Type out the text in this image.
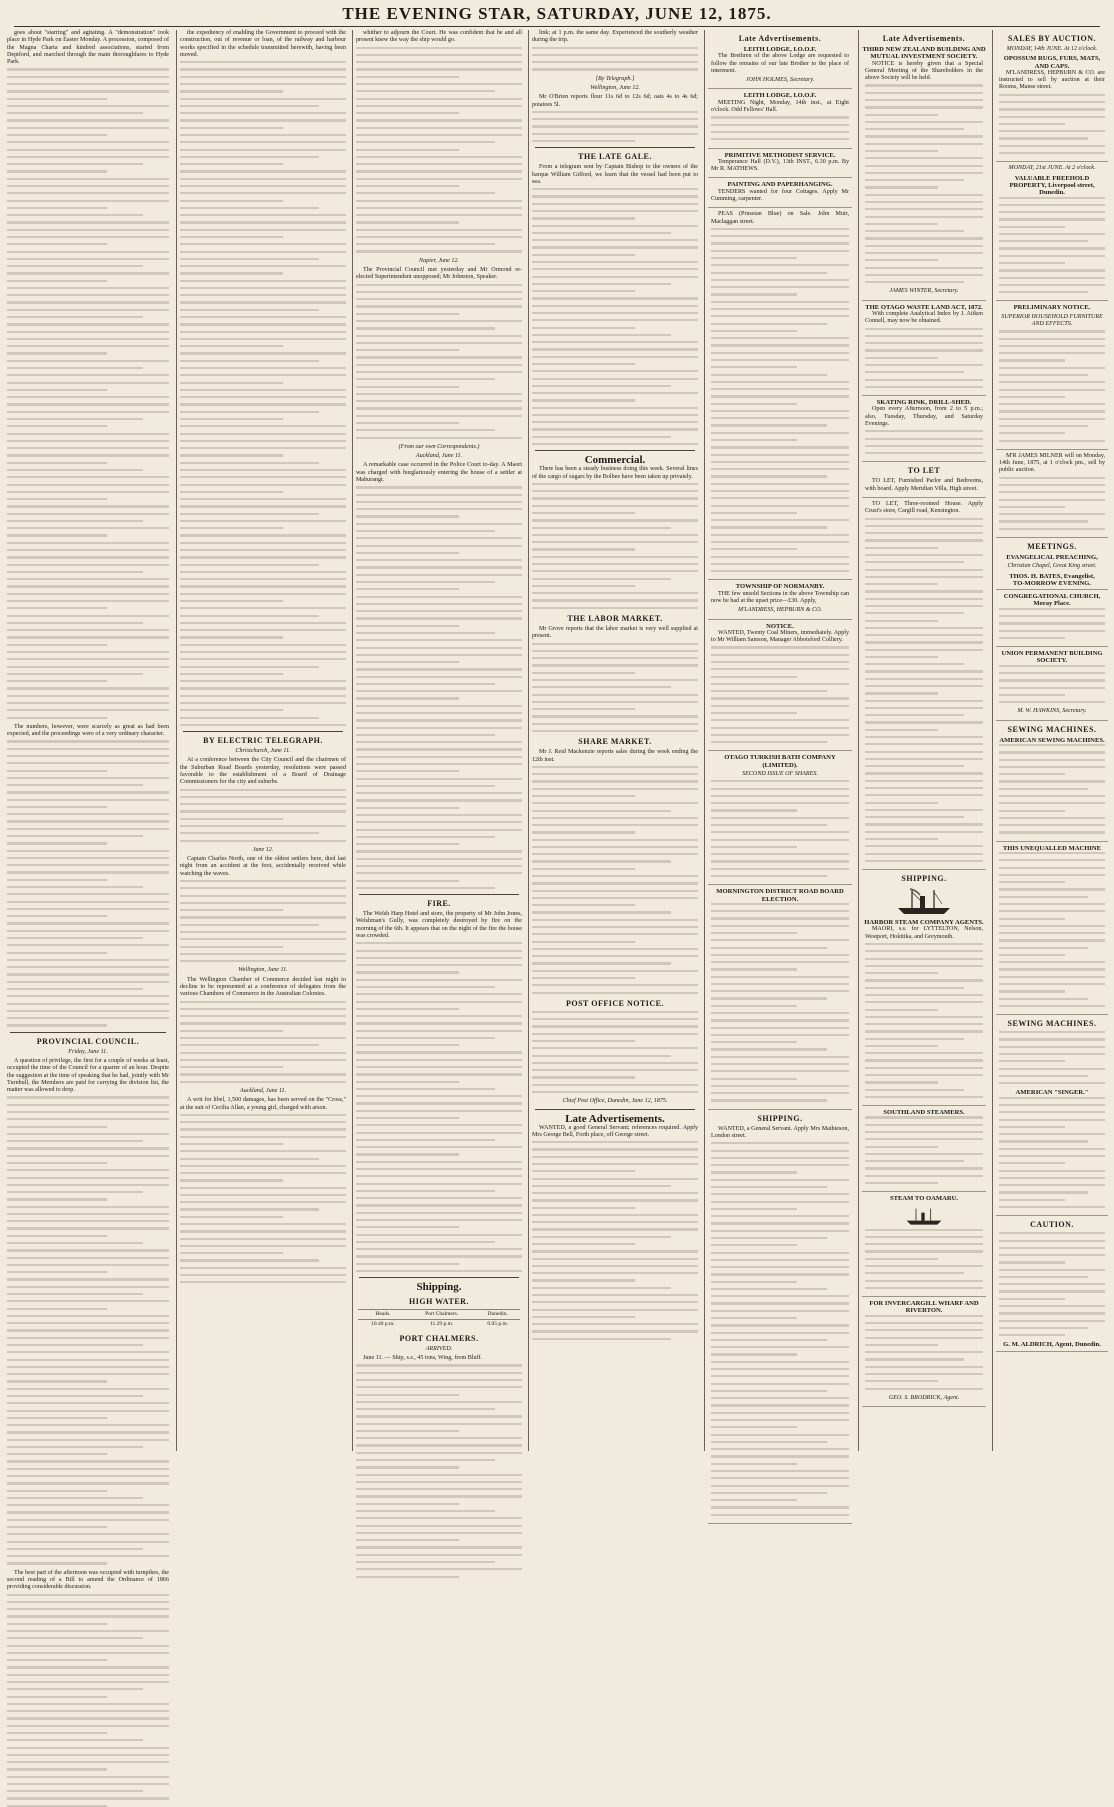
THE EVENING STAR, SATURDAY, JUNE 12, 1875.

goes about "starring" and agitating. A "demonstration" took place in Hyde Park on Easter Monday. A procession, composed of the Magna Charta and kindred associations, started from Deptford, and marched through the main thoroughfares to Hyde Park.

The numbers, however, were scarcely as great as had been expected, and the proceedings were of a very ordinary character.

PROVINCIAL COUNCIL.
Friday, June 11.

A question of privilege, the first for a couple of weeks at least, occupied the time of the Council for a quarter of an hour. Despite the suggestion at the time of speaking that he had, jointly with Mr Turnbull, the Members are paid for carrying the division list, the matter was allowed to drop.

The best part of the afternoon was occupied with turnpikes, the second reading of a Bill to amend the Ordinance of 1866 providing considerable discussion.

the expediency of enabling the Government to proceed with the construction, out of revenue or loan, of the railway and harbour works specified in the schedule transmitted herewith, having been moved.

BY ELECTRIC TELEGRAPH.
Christchurch, June 11.

At a conference between the City Council and the chairmen of the Suburban Road Boards yesterday, resolutions were passed favorable to the establishment of a Board of Drainage Commissioners for the city and suburbs.

June 12.

Captain Charles North, one of the oldest settlers here, died last night from an accident at the foot, accidentally received while watching the waves.

Wellington, June 11.

The Wellington Chamber of Commerce decided last night to decline to be represented at a conference of delegates from the various Chambers of Commerce in the Australian Colonies.

Auckland, June 11.

A writ for libel, 1,500 damages, has been served on the "Cross," at the suit of Cecilia Allan, a young girl, charged with arson.

whither to adjourn the Court. He was confident that he and all present knew the way the ship would go.

Napier, June 12.

The Provincial Council met yesterday and Mr Ormond re-elected Superintendent unopposed; Mr Johnston, Speaker.

(From our own Correspondents.)
Auckland, June 11.

A remarkable case occurred in the Police Court to-day. A Maori was charged with burglariously entering the house of a settler at Mahurangi.

FIRE.

The Welsh Harp Hotel and store, the property of Mr John Jones, Welshman's Gully, was completely destroyed by fire on the morning of the 6th. It appears that on the night of the fire the house was crowded.

Shipping.
HIGH WATER.
Heads.	Port Chalmers.	Dunedin.
10.40 p.m.	11.29 p.m.	0.05 p.m.
PORT CHALMERS.
ARRIVED.

June 11. — Ship, s.s., 45 tons, Wing, from Bluff.

link; at 1 p.m. the same day. Experienced the southerly weather during the trip.

[By Telegraph.]
Wellington, June 12.

Mr O'Brien reports flour 11s 6d to 12s 6d; oats 4s to 4s 6d; potatoes 5l.

THE LATE GALE.

From a telegram sent by Captain Bishop to the owners of the barque William Gifford, we learn that the vessel had been put to sea.

Commercial.

There has been a steady business doing this week. Several lines of the cargo of sugars by the Bolbee have been taken up privately.

THE LABOR MARKET.

Mr Grove reports that the labor market is very well supplied at present.

SHARE MARKET.

Mr J. Reid Mackenzie reports sales during the week ending the 12th inst.

POST OFFICE NOTICE.
Chief Post Office, Dunedin, June 12, 1875.
Late Advertisements.

WANTED, a good General Servant; references required. Apply Mrs George Bell, Forth place, off George street.

Late Advertisements.
LEITH LODGE, I.O.O.F.

The Brethren of the above Lodge are requested to follow the remains of our late Brother to the place of interment.

JOHN HOLMES, Secretary.
LEITH LODGE, I.O.O.F.

MEETING Night, Monday, 14th inst., at Eight o'clock. Odd Fellows' Hall.

PRIMITIVE METHODIST SERVICE.

Temperance Hall (D.V.), 13th INST., 6.30 p.m. By Mr R. MATHEWS.

PAINTING AND PAPERHANGING.

TENDERS wanted for four Cottages. Apply Mr Cumming, carpenter.

PEAS (Prussian Blue) on Sale. John Muir, Maclaggan street.

TOWNSHIP OF NORMANBY.

THE few unsold Sections in the above Township can now be had at the upset price—£30. Apply,

M'LANDRESS, HEPBURN & CO.
NOTICE.

WANTED, Twenty Coal Miners, immediately. Apply to Mr William Samson, Manager Abbotsford Colliery.

OTAGO TURKISH BATH COMPANY (LIMITED).
SECOND ISSUE OF SHARES.
MORNINGTON DISTRICT ROAD BOARD ELECTION.
SHIPPING.

WANTED, a General Servant. Apply Mrs Mathieson, London street.

Late Advertisements.
THIRD NEW ZEALAND BUILDING AND MUTUAL INVESTMENT SOCIETY.

NOTICE is hereby given that a Special General Meeting of the Shareholders in the above Society will be held.

JAMES WINTER, Secretary.
THE OTAGO WASTE LAND ACT, 1872.

With complete Analytical Index by J. Aitken Connell, may now be obtained.

SKATING RINK, DRILL-SHED.

Open every Afternoon, from 2 to 5 p.m.; also, Tuesday, Thursday, and Saturday Evenings.

TO LET

TO LET, Furnished Parlor and Bedrooms, with board. Apply Meridian Villa, High street.

TO LET, Three-roomed House. Apply Crust's store, Cargill road, Kensington.

SHIPPING.
HARBOR STEAM COMPANY AGENTS.

MAORI, s.s. for LYTTELTON, Nelson, Westport, Hokitika, and Greymouth.

SOUTHLAND STEAMERS.
STEAM TO OAMARU.
FOR INVERCARGILL WHARF AND RIVERTON.
GEO. S. BRODRICK, Agent.
SALES BY AUCTION.
MONDAY, 14th JUNE. At 12 o'clock.
OPOSSUM RUGS, FURS, MATS, AND CAPS.

M'LANDRESS, HEPBURN & CO. are instructed to sell by auction at their Rooms, Manse street.

MONDAY, 21st JUNE. At 2 o'clock.
VALUABLE FREEHOLD PROPERTY, Liverpool street, Dunedin.
PRELIMINARY NOTICE.
SUPERIOR HOUSEHOLD FURNITURE AND EFFECTS.

M'R JAMES MILNER will on Monday, 14th June, 1875, at 1 o'clock pm., sell by public auction.

MEETINGS.
EVANGELICAL PREACHING,
Christian Chapel, Great King street.
THOS. H. BATES, Evangelist,
TO-MORROW EVENING.
CONGREGATIONAL CHURCH, Moray Place.
UNION PERMANENT BUILDING SOCIETY.
M. W. HAWKINS, Secretary.
SEWING MACHINES.
AMERICAN SEWING MACHINES.
THIS UNEQUALLED MACHINE
SEWING MACHINES.
AMERICAN "SINGER."
CAUTION.
G. M. ALDRICH, Agent, Dunedin.
